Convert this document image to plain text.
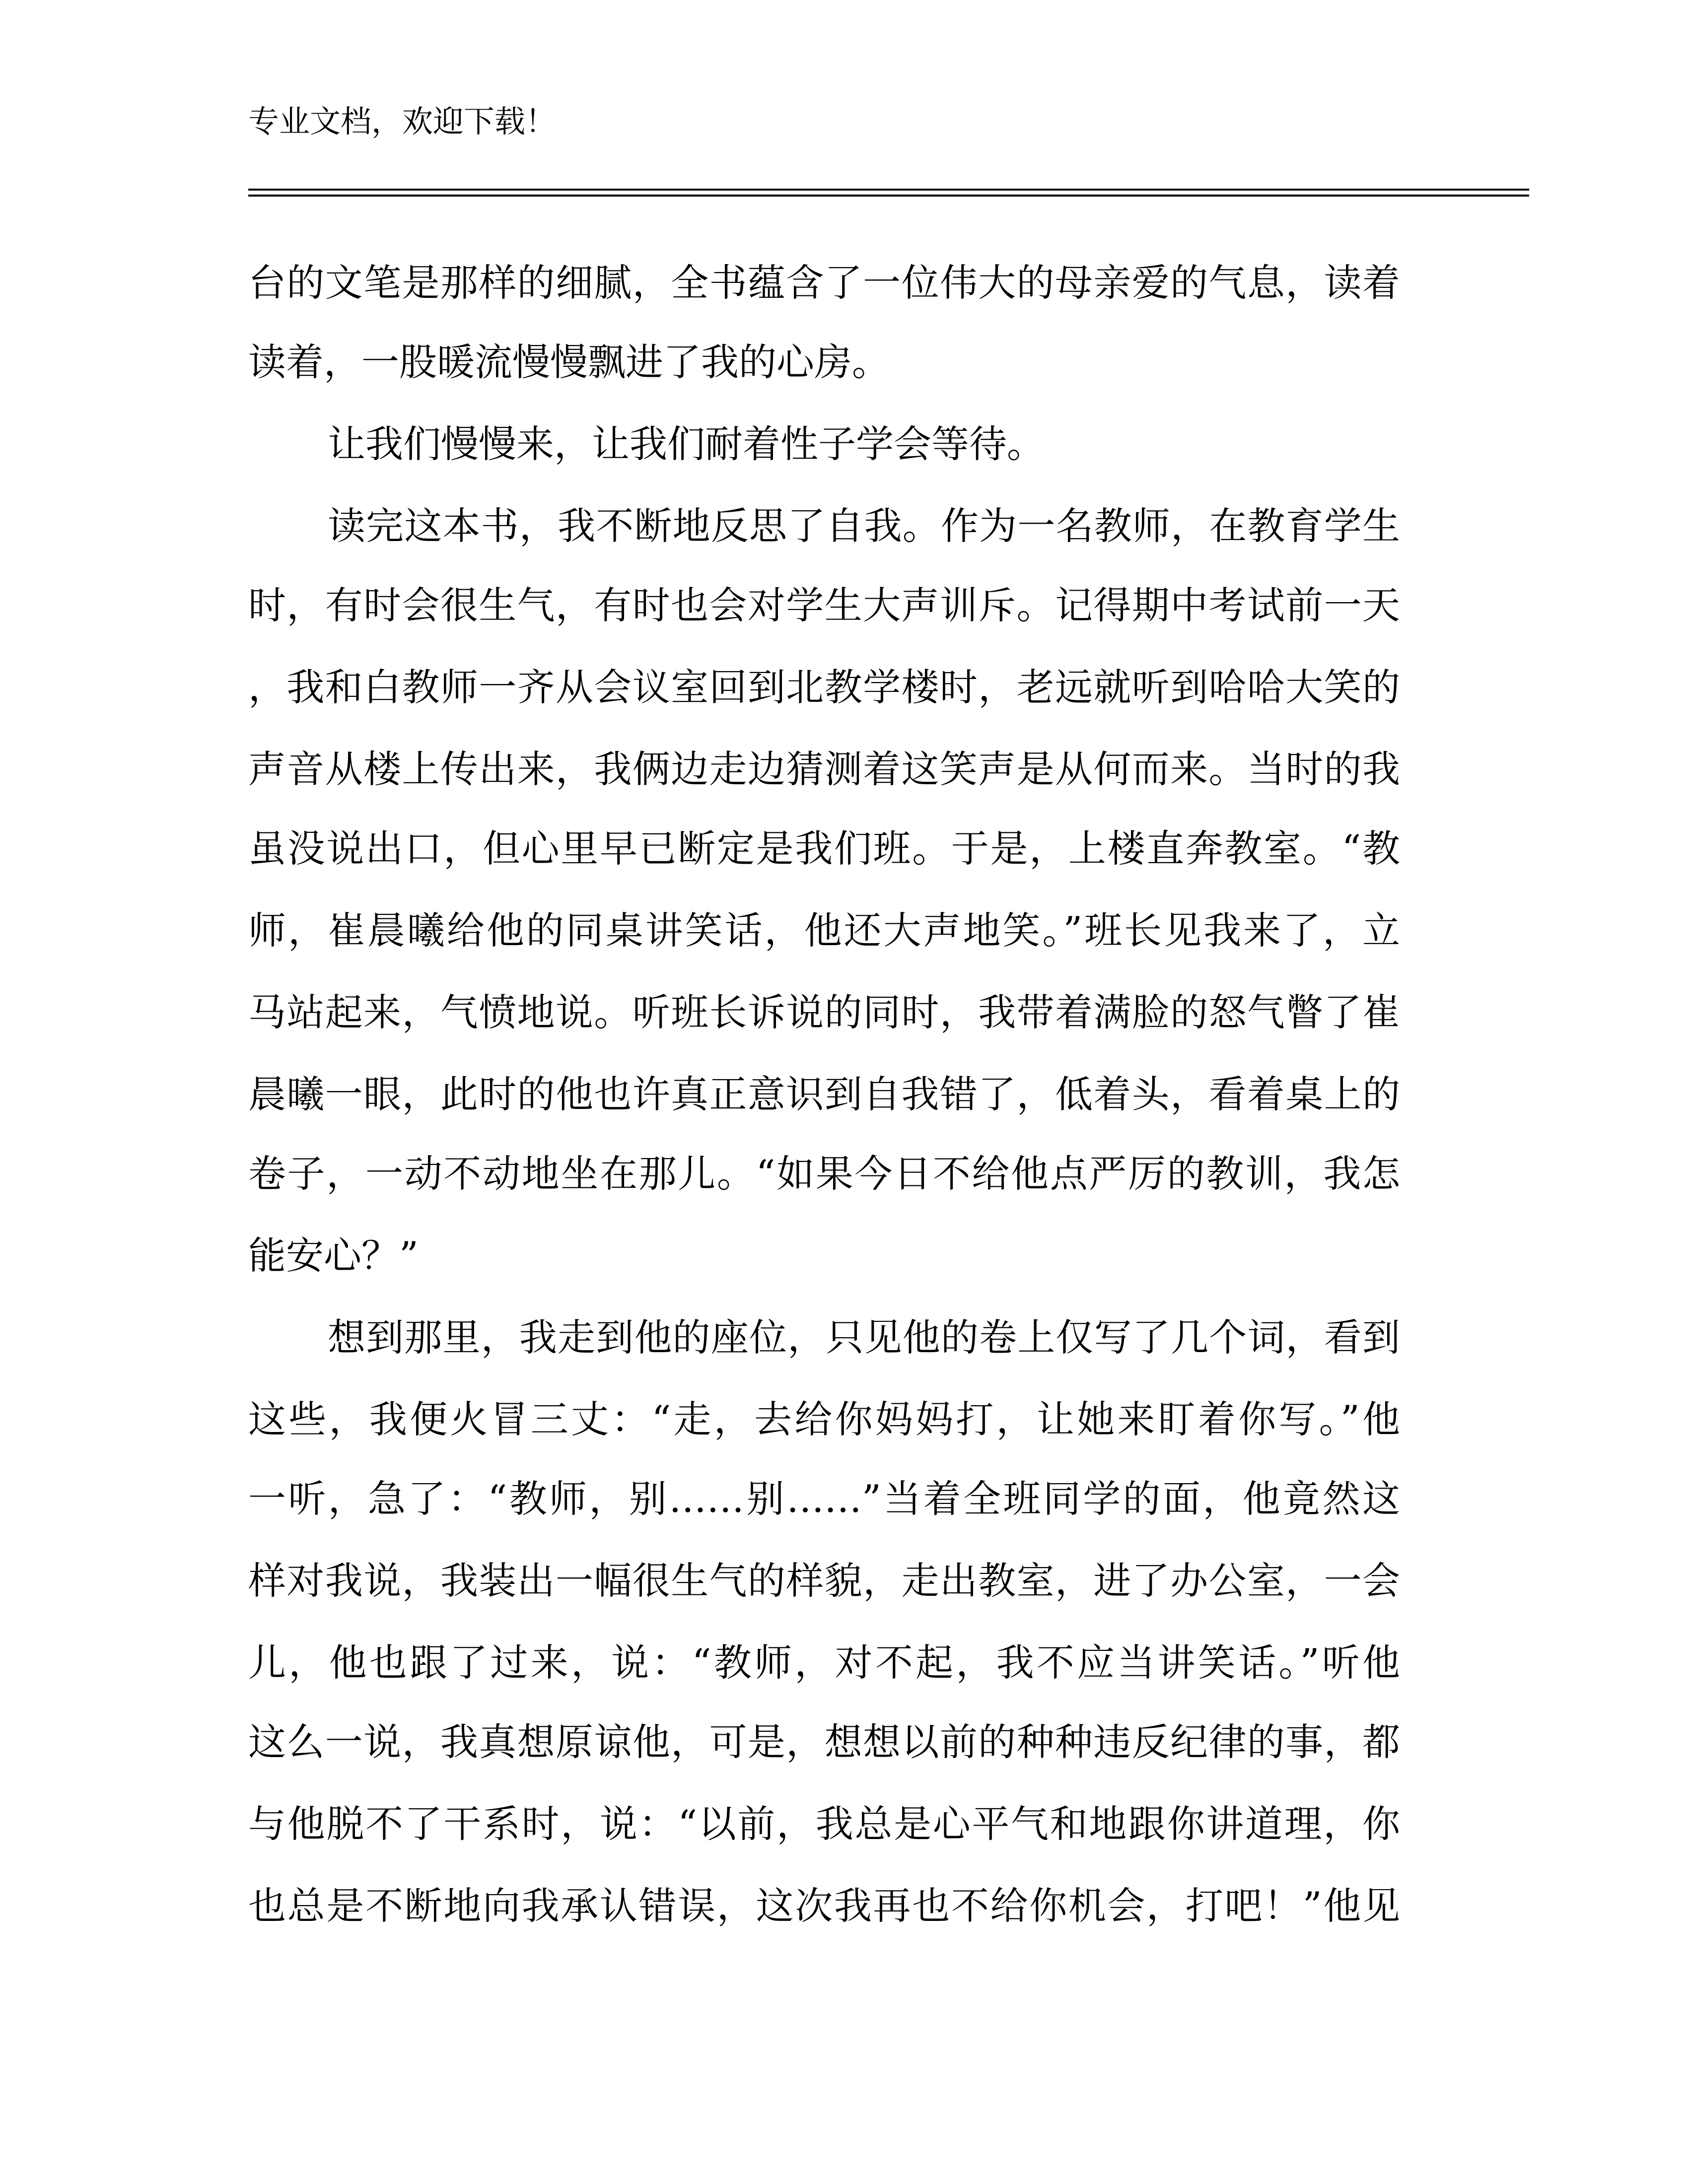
专业文档，欢迎下载！
台的文笔是那样的细腻，全书蕴含了一位伟大的母亲爱的气息，读着
读着，一股暖流慢慢飘进了我的心房。
让我们慢慢来，让我们耐着性子学会等待。
读完这本书，我不断地反思了自我。作为一名教师，在教育学生
时，有时会很生气，有时也会对学生大声训斥。记得期中考试前一天
，我和白教师一齐从会议室回到北教学楼时，老远就听到哈哈大笑的
声音从楼上传出来，我俩边走边猜测着这笑声是从何而来。当时的我
虽没说出口，但心里早已断定是我们班。于是，上楼直奔教室。“教
师，崔晨曦给他的同桌讲笑话，他还大声地笑。”班长见我来了，立
马站起来，气愤地说。听班长诉说的同时，我带着满脸的怒气瞥了崔
晨曦一眼，此时的他也许真正意识到自我错了，低着头，看着桌上的
卷子，一动不动地坐在那儿。“如果今日不给他点严厉的教训，我怎
能安心？”
想到那里，我走到他的座位，只见他的卷上仅写了几个词，看到
这些，我便火冒三丈：“走，去给你妈妈打，让她来盯着你写。”他
一听，急了：“教师，别……别……”当着全班同学的面，他竟然这
样对我说，我装出一幅很生气的样貌，走出教室，进了办公室，一会
儿，他也跟了过来，说：“教师，对不起，我不应当讲笑话。”听他
这么一说，我真想原谅他，可是，想想以前的种种违反纪律的事，都
与他脱不了干系时，说：“以前，我总是心平气和地跟你讲道理，你
也总是不断地向我承认错误，这次我再也不给你机会，打吧！”他见
